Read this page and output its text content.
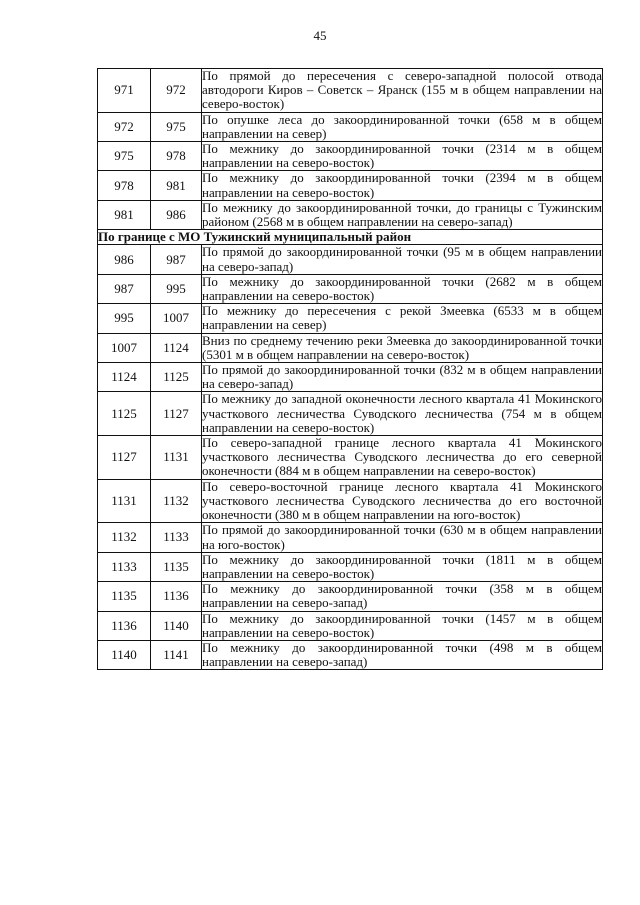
45
971	972	По прямой до пересечения с северо-западной полосой отвода автодороги Киров – Советск – Яранск (155 м в общем направлении на северо-восток)
972	975	По опушке леса до закоординированной точки (658 м в общем направлении на север)
975	978	По межнику до закоординированной точки (2314 м в общем направлении на северо-восток)
978	981	По межнику до закоординированной точки (2394 м в общем направлении на северо-восток)
981	986	По межнику до закоординированной точки, до границы с Тужинским районом (2568 м в общем направлении на северо-запад)
По границе с МО Тужинский муниципальный район		
986	987	По прямой до закоординированной точки (95 м в общем направлении на северо-запад)
987	995	По межнику до закоординированной точки (2682 м в общем направлении на северо-восток)
995	1007	По межнику до пересечения с рекой Змеевка (6533 м в общем направлении на север)
1007	1124	Вниз по среднему течению реки Змеевка до закоординированной точки (5301 м в общем направлении на северо-восток)
1124	1125	По прямой до закоординированной точки (832 м в общем направлении на северо-запад)
1125	1127	По межнику до западной оконечности лесного квартала 41 Мокинского участкового лесничества Суводского лесничества (754 м в общем направлении на северо-восток)
1127	1131	По северо-западной границе лесного квартала 41 Мокинского участкового лесничества Суводского лесничества до его северной оконечности (884 м в общем направлении на северо-восток)
1131	1132	По северо-восточной границе лесного квартала 41 Мокинского участкового лесничества Суводского лесничества до его восточной оконечности (380 м в общем направлении на юго-восток)
1132	1133	По прямой до закоординированной точки (630 м в общем направлении на юго-восток)
1133	1135	По межнику до закоординированной точки (1811 м в общем направлении на северо-восток)
1135	1136	По межнику до закоординированной точки (358 м в общем направлении на северо-запад)
1136	1140	По межнику до закоординированной точки (1457 м в общем направлении на северо-восток)
1140	1141	По межнику до закоординированной точки (498 м в общем направлении на северо-запад)
